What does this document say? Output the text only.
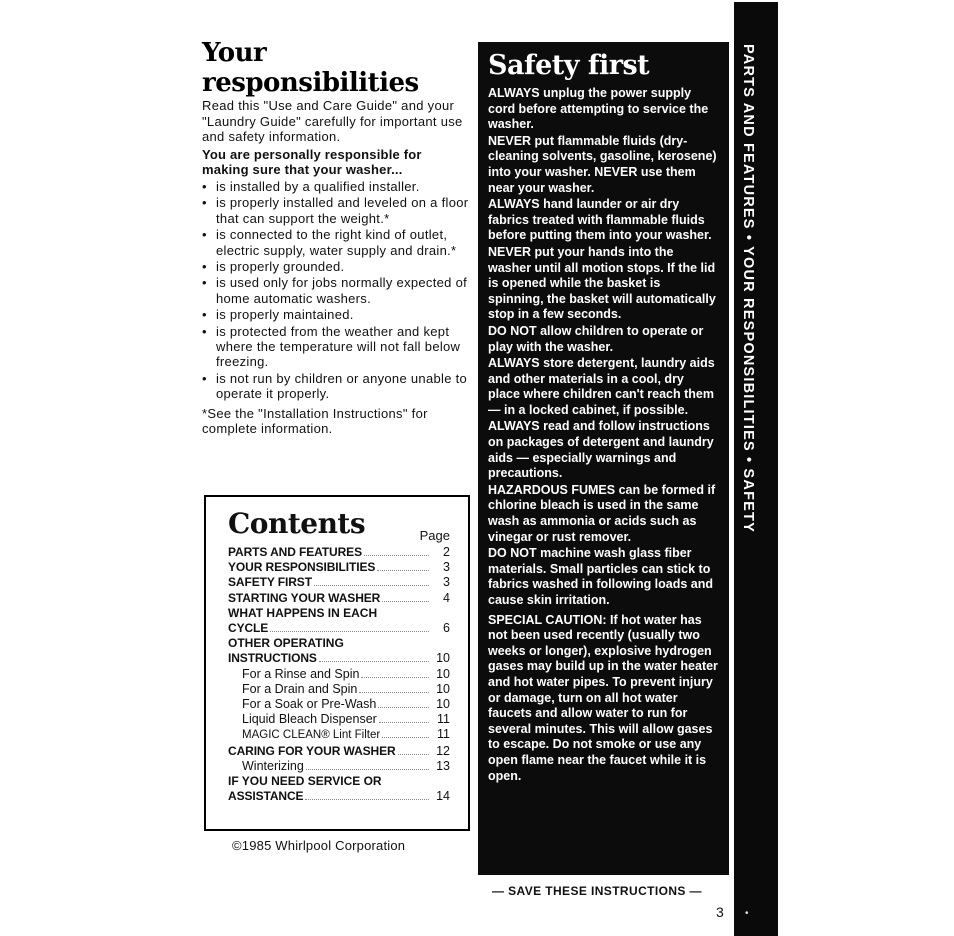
Your responsibilities
Read this "Use and Care Guide" and your "Laundry Guide" carefully for important use and safety information.
You are personally responsible for making sure that your washer...
• is installed by a qualified installer.
• is properly installed and leveled on a floor that can support the weight.*
• is connected to the right kind of outlet, electric supply, water supply and drain.*
• is properly grounded.
• is used only for jobs normally expected of home automatic washers.
• is properly maintained.
• is protected from the weather and kept where the temperature will not fall below freezing.
• is not run by children or anyone unable to operate it properly.
*See the "Installation Instructions" for complete information.
Contents	Page
PARTS AND FEATURES	2
YOUR RESPONSIBILITIES	3
SAFETY FIRST	3
STARTING YOUR WASHER	4
WHAT HAPPENS IN EACH
CYCLE	6
OTHER OPERATING
INSTRUCTIONS	10
For a Rinse and Spin	10
For a Drain and Spin	10
For a Soak or Pre-Wash	10
Liquid Bleach Dispenser	11
MAGIC CLEAN® Lint Filter	11
CARING FOR YOUR WASHER	12
Winterizing	13
IF YOU NEED SERVICE OR
ASSISTANCE	14
©1985 Whirlpool Corporation
Safety first

ALWAYS unplug the power supply cord before attempting to service the washer.

NEVER put flammable fluids (dry-cleaning solvents, gasoline, kerosene) into your washer. NEVER use them near your washer.

ALWAYS hand launder or air dry fabrics treated with flammable fluids before putting them into your washer.

NEVER put your hands into the washer until all motion stops. If the lid is opened while the basket is spinning, the basket will automatically stop in a few seconds.

DO NOT allow children to operate or play with the washer.

ALWAYS store detergent, laundry aids and other materials in a cool, dry place where children can't reach them — in a locked cabinet, if possible.

ALWAYS read and follow instructions on packages of detergent and laundry aids — especially warnings and precautions.

HAZARDOUS FUMES can be formed if chlorine bleach is used in the same wash as ammonia or acids such as vinegar or rust remover.

DO NOT machine wash glass fiber materials. Small particles can stick to fabrics washed in following loads and cause skin irritation.

SPECIAL CAUTION: If hot water has not been used recently (usually two weeks or longer), explosive hydrogen gases may build up in the water heater and hot water pipes. To prevent injury or damage, turn on all hot water faucets and allow water to run for several minutes. This will allow gases to escape. Do not smoke or use any open flame near the faucet while it is open.

— SAVE THESE INSTRUCTIONS —
PARTS AND FEATURES • YOUR RESPONSIBILITIES • SAFETY
•
3
